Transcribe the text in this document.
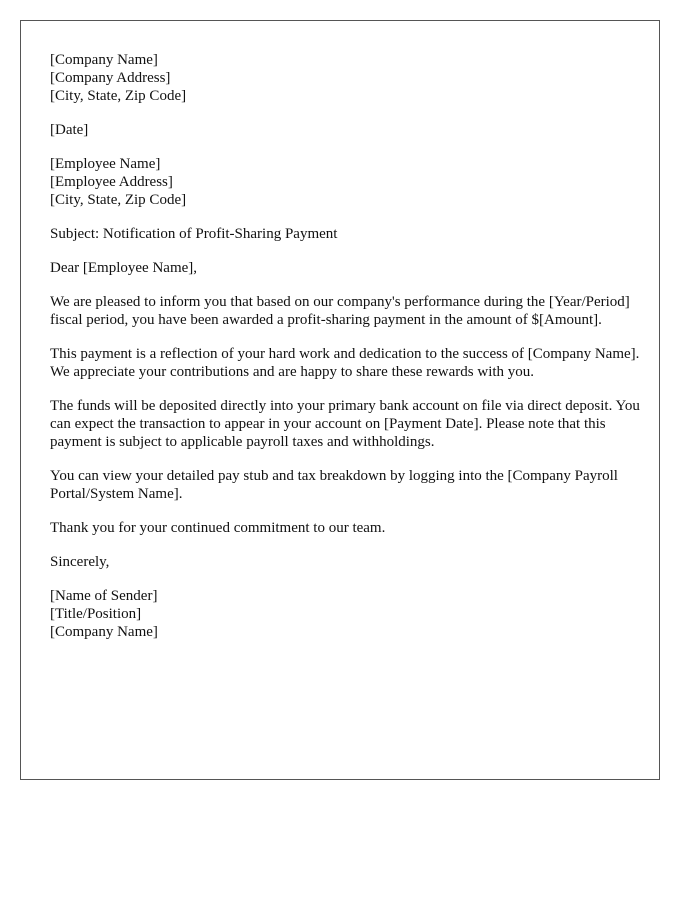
[Company Name]
[Company Address]
[City, State, Zip Code]
[Date]
[Employee Name]
[Employee Address]
[City, State, Zip Code]
Subject: Notification of Profit-Sharing Payment
Dear [Employee Name],

We are pleased to inform you that based on our company's performance during the [Year/Period] fiscal period, you have been awarded a profit-sharing payment in the amount of $[Amount].

This payment is a reflection of your hard work and dedication to the success of [Company Name]. We appreciate your contributions and are happy to share these rewards with you.

The funds will be deposited directly into your primary bank account on file via direct deposit. You can expect the transaction to appear in your account on [Payment Date]. Please note that this payment is subject to applicable payroll taxes and withholdings.

You can view your detailed pay stub and tax breakdown by logging into the [Company Payroll Portal/System Name].

Thank you for your continued commitment to our team.

Sincerely,
[Name of Sender]
[Title/Position]
[Company Name]
